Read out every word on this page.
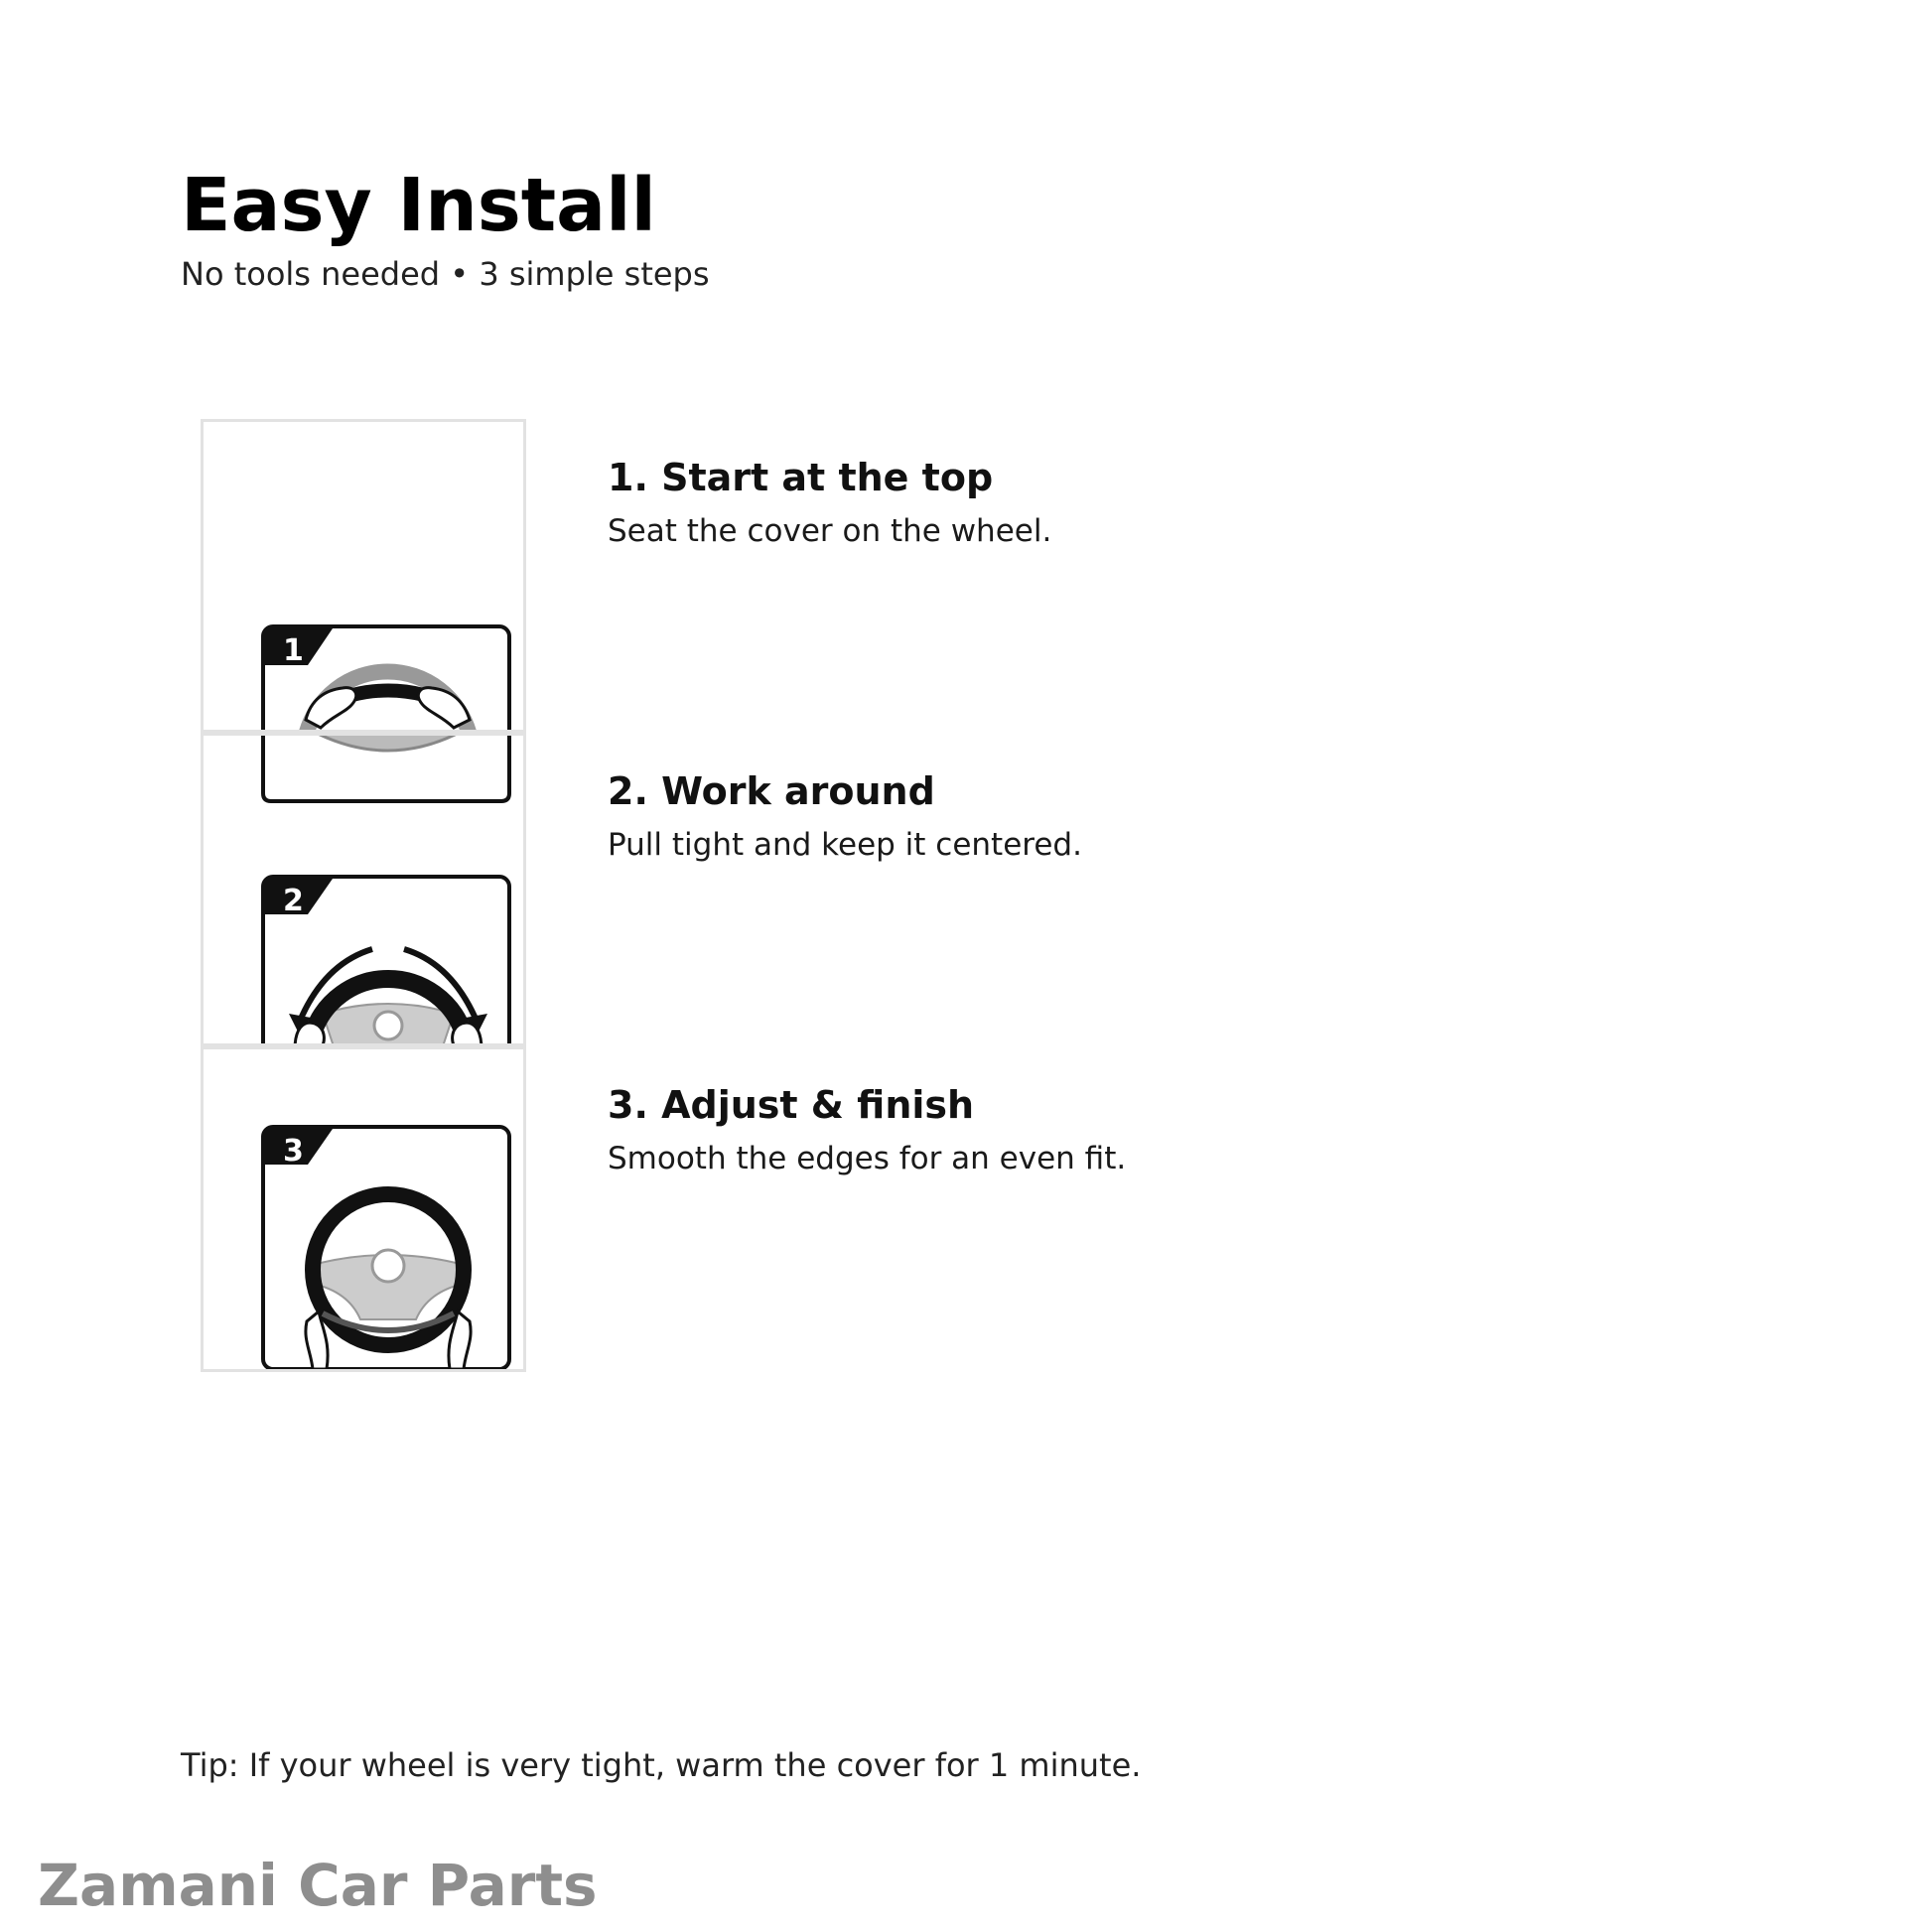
Easy Install
No tools needed • 3 simple steps
1
1. Start at the top
Seat the cover on the wheel.
2
2. Work around
Pull tight and keep it centered.
3
3. Adjust & finish
Smooth the edges for an even fit.
Tip: If your wheel is very tight, warm the cover for 1 minute.
Zamani Car Parts
